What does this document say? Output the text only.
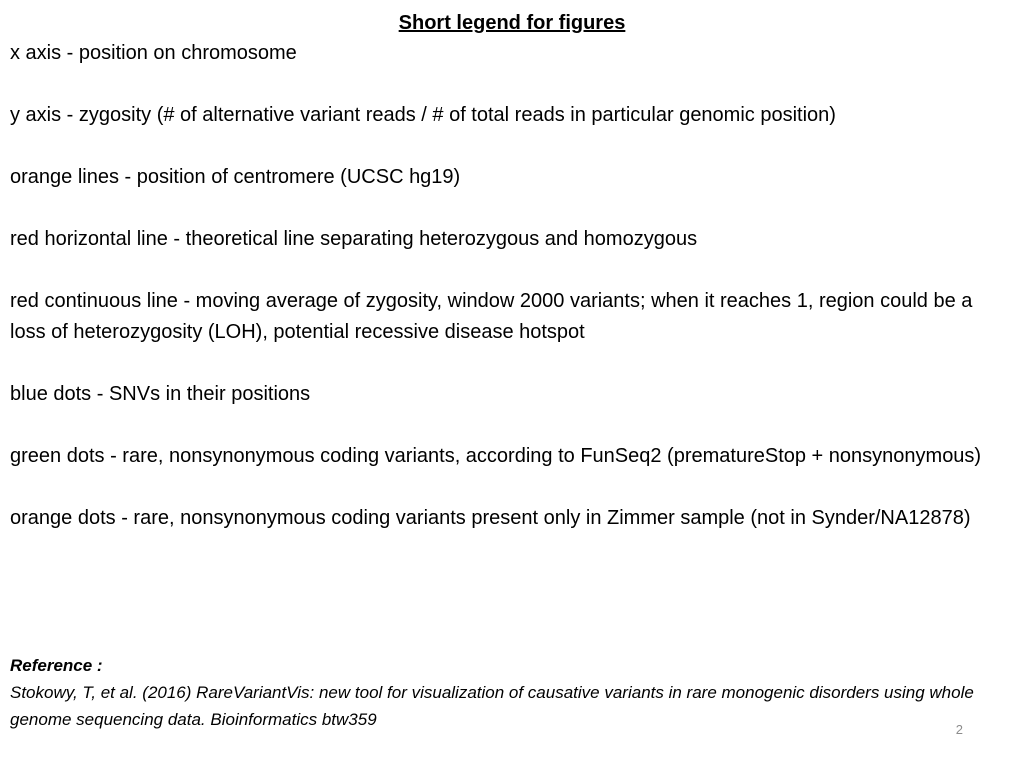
Short legend for figures

x axis - position on chromosome

y axis - zygosity (# of alternative variant reads / # of total reads in particular genomic position)

orange lines - position of centromere (UCSC hg19)

red horizontal line - theoretical line separating heterozygous and homozygous

red continuous line - moving average of zygosity, window 2000 variants; when it reaches 1, region could be a loss of heterozygosity (LOH), potential recessive disease hotspot

blue dots - SNVs in their positions

green dots - rare, nonsynonymous coding variants, according to FunSeq2 (prematureStop + nonsynonymous)

orange dots - rare, nonsynonymous coding variants present only in Zimmer sample (not in Synder/NA12878)

Reference :
Stokowy, T, et al. (2016) RareVariantVis: new tool for visualization of causative variants in rare monogenic disorders using whole genome sequencing data. Bioinformatics btw359
2
